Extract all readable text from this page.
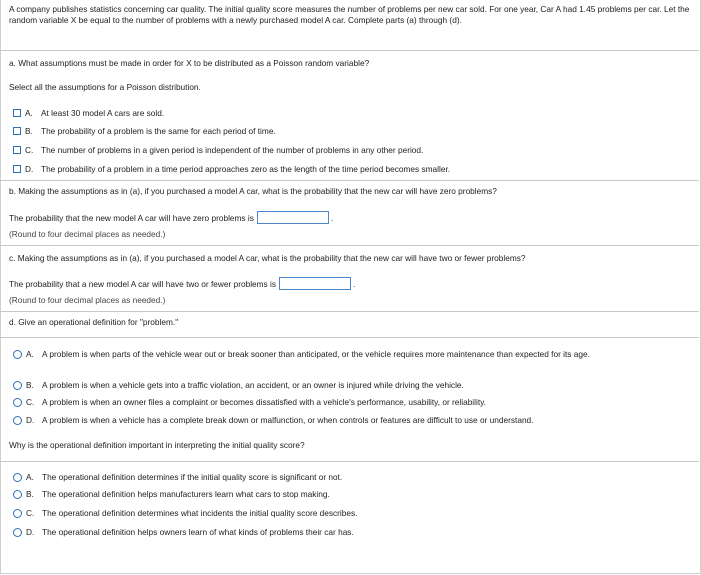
A company publishes statistics concerning car quality. The initial quality score measures the number of problems per new car sold. For one year, Car A had 1.45 problems per car. Let the random variable X be equal to the number of problems with a newly purchased model A car. Complete parts (a) through (d).
a. What assumptions must be made in order for X to be distributed as a Poisson random variable?
Select all the assumptions for a Poisson distribution.
A. At least 30 model A cars are sold.
B. The probability of a problem is the same for each period of time.
C. The number of problems in a given period is independent of the number of problems in any other period.
D. The probability of a problem in a time period approaches zero as the length of the time period becomes smaller.
b. Making the assumptions as in (a), if you purchased a model A car, what is the probability that the new car will have zero problems?
The probability that the new model A car will have zero problems is	.
(Round to four decimal places as needed.)
c. Making the assumptions as in (a), if you purchased a model A car, what is the probability that the new car will have two or fewer problems?
The probability that a new model A car will have two or fewer problems is	.
(Round to four decimal places as needed.)
d. Give an operational definition for "problem."
A. A problem is when parts of the vehicle wear out or break sooner than anticipated, or the vehicle requires more maintenance than expected for its age.
B. A problem is when a vehicle gets into a traffic violation, an accident, or an owner is injured while driving the vehicle.
C. A problem is when an owner files a complaint or becomes dissatisfied with a vehicle's performance, usability, or reliability.
D. A problem is when a vehicle has a complete break down or malfunction, or when controls or features are difficult to use or understand.
Why is the operational definition important in interpreting the initial quality score?
A. The operational definition determines if the initial quality score is significant or not.
B. The operational definition helps manufacturers learn what cars to stop making.
C. The operational definition determines what incidents the initial quality score describes.
D. The operational definition helps owners learn of what kinds of problems their car has.
